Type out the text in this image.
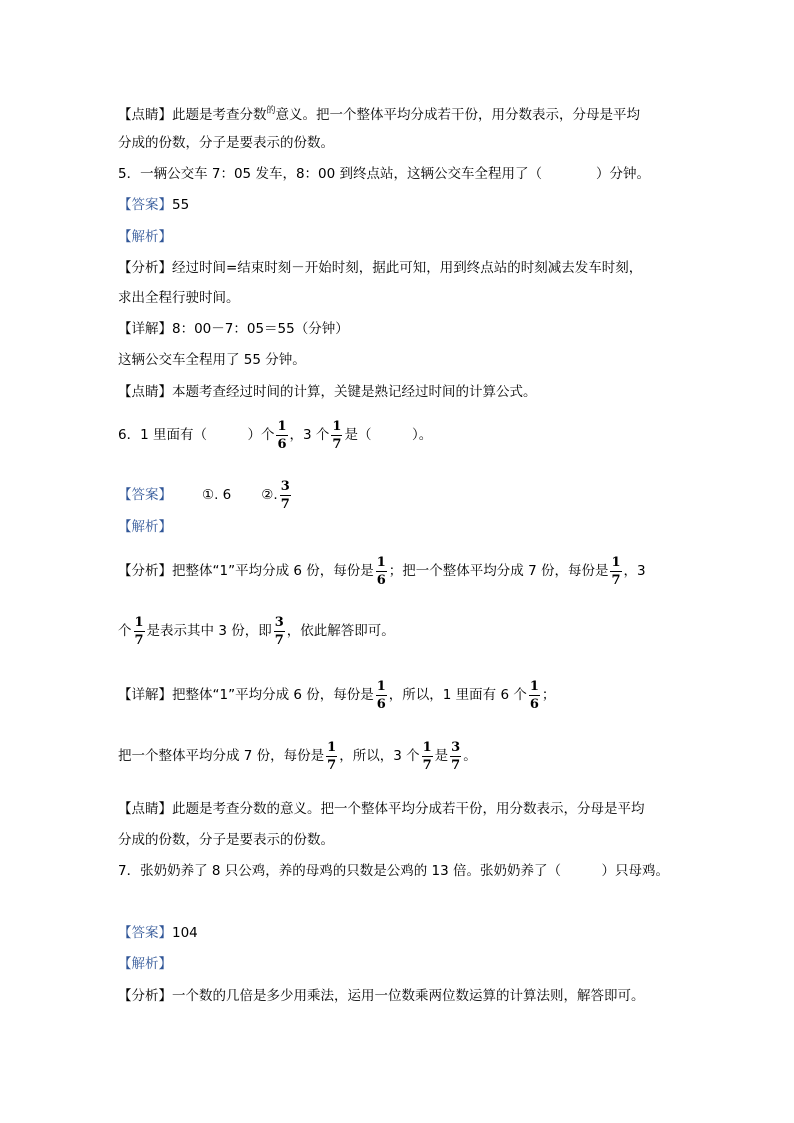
【点睛】此题是考查分数$^的$意义。把一个整体平均分成若干份，用分数表示，分母是平均
分成的份数，分子是要表示的份数。
5．一辆公交车 7：05 发车，8：00 到终点站，这辆公交车全程用了（　　　　）分钟。
【答案】55
【解析】
【分析】经过时间=结束时刻－开始时刻，据此可知，用到终点站的时刻减去发车时刻，
求出全程行驶时间。
【详解】8：00－7：05＝55（分钟）
这辆公交车全程用了 55 分钟。
【点睛】本题考查经过时间的计算，关键是熟记经过时间的计算公式。
6．1 里面有（　　　）个 $\frac{1}{6}$ ，3 个 $\frac{1}{7}$ 是（　　　）。
【答案】 ①. 6 ②. $\frac{3}{7}$
【解析】
【分析】把整体“1”平均分成 6 份，每份是 $\frac{1}{6}$ ；把一个整体平均分成 7 份，每份是 $\frac{1}{7}$ ，3
个 $\frac{1}{7}$ 是表示其中 3 份，即 $\frac{3}{7}$ ，依此解答即可。
【详解】把整体“1”平均分成 6 份，每份是 $\frac{1}{6}$ ，所以，1 里面有 6 个 $\frac{1}{6}$ ；
把一个整体平均分成 7 份，每份是 $\frac{1}{7}$ ，所以，3 个 $\frac{1}{7}$ 是 $\frac{3}{7}$ 。
【点睛】此题是考查分数的意义。把一个整体平均分成若干份，用分数表示，分母是平均
分成的份数，分子是要表示的份数。
7．张奶奶养了 8 只公鸡，养的母鸡的只数是公鸡的 13 倍。张奶奶养了（　　　）只母鸡。
【答案】104
【解析】
【分析】一个数的几倍是多少用乘法，运用一位数乘两位数运算的计算法则，解答即可。
